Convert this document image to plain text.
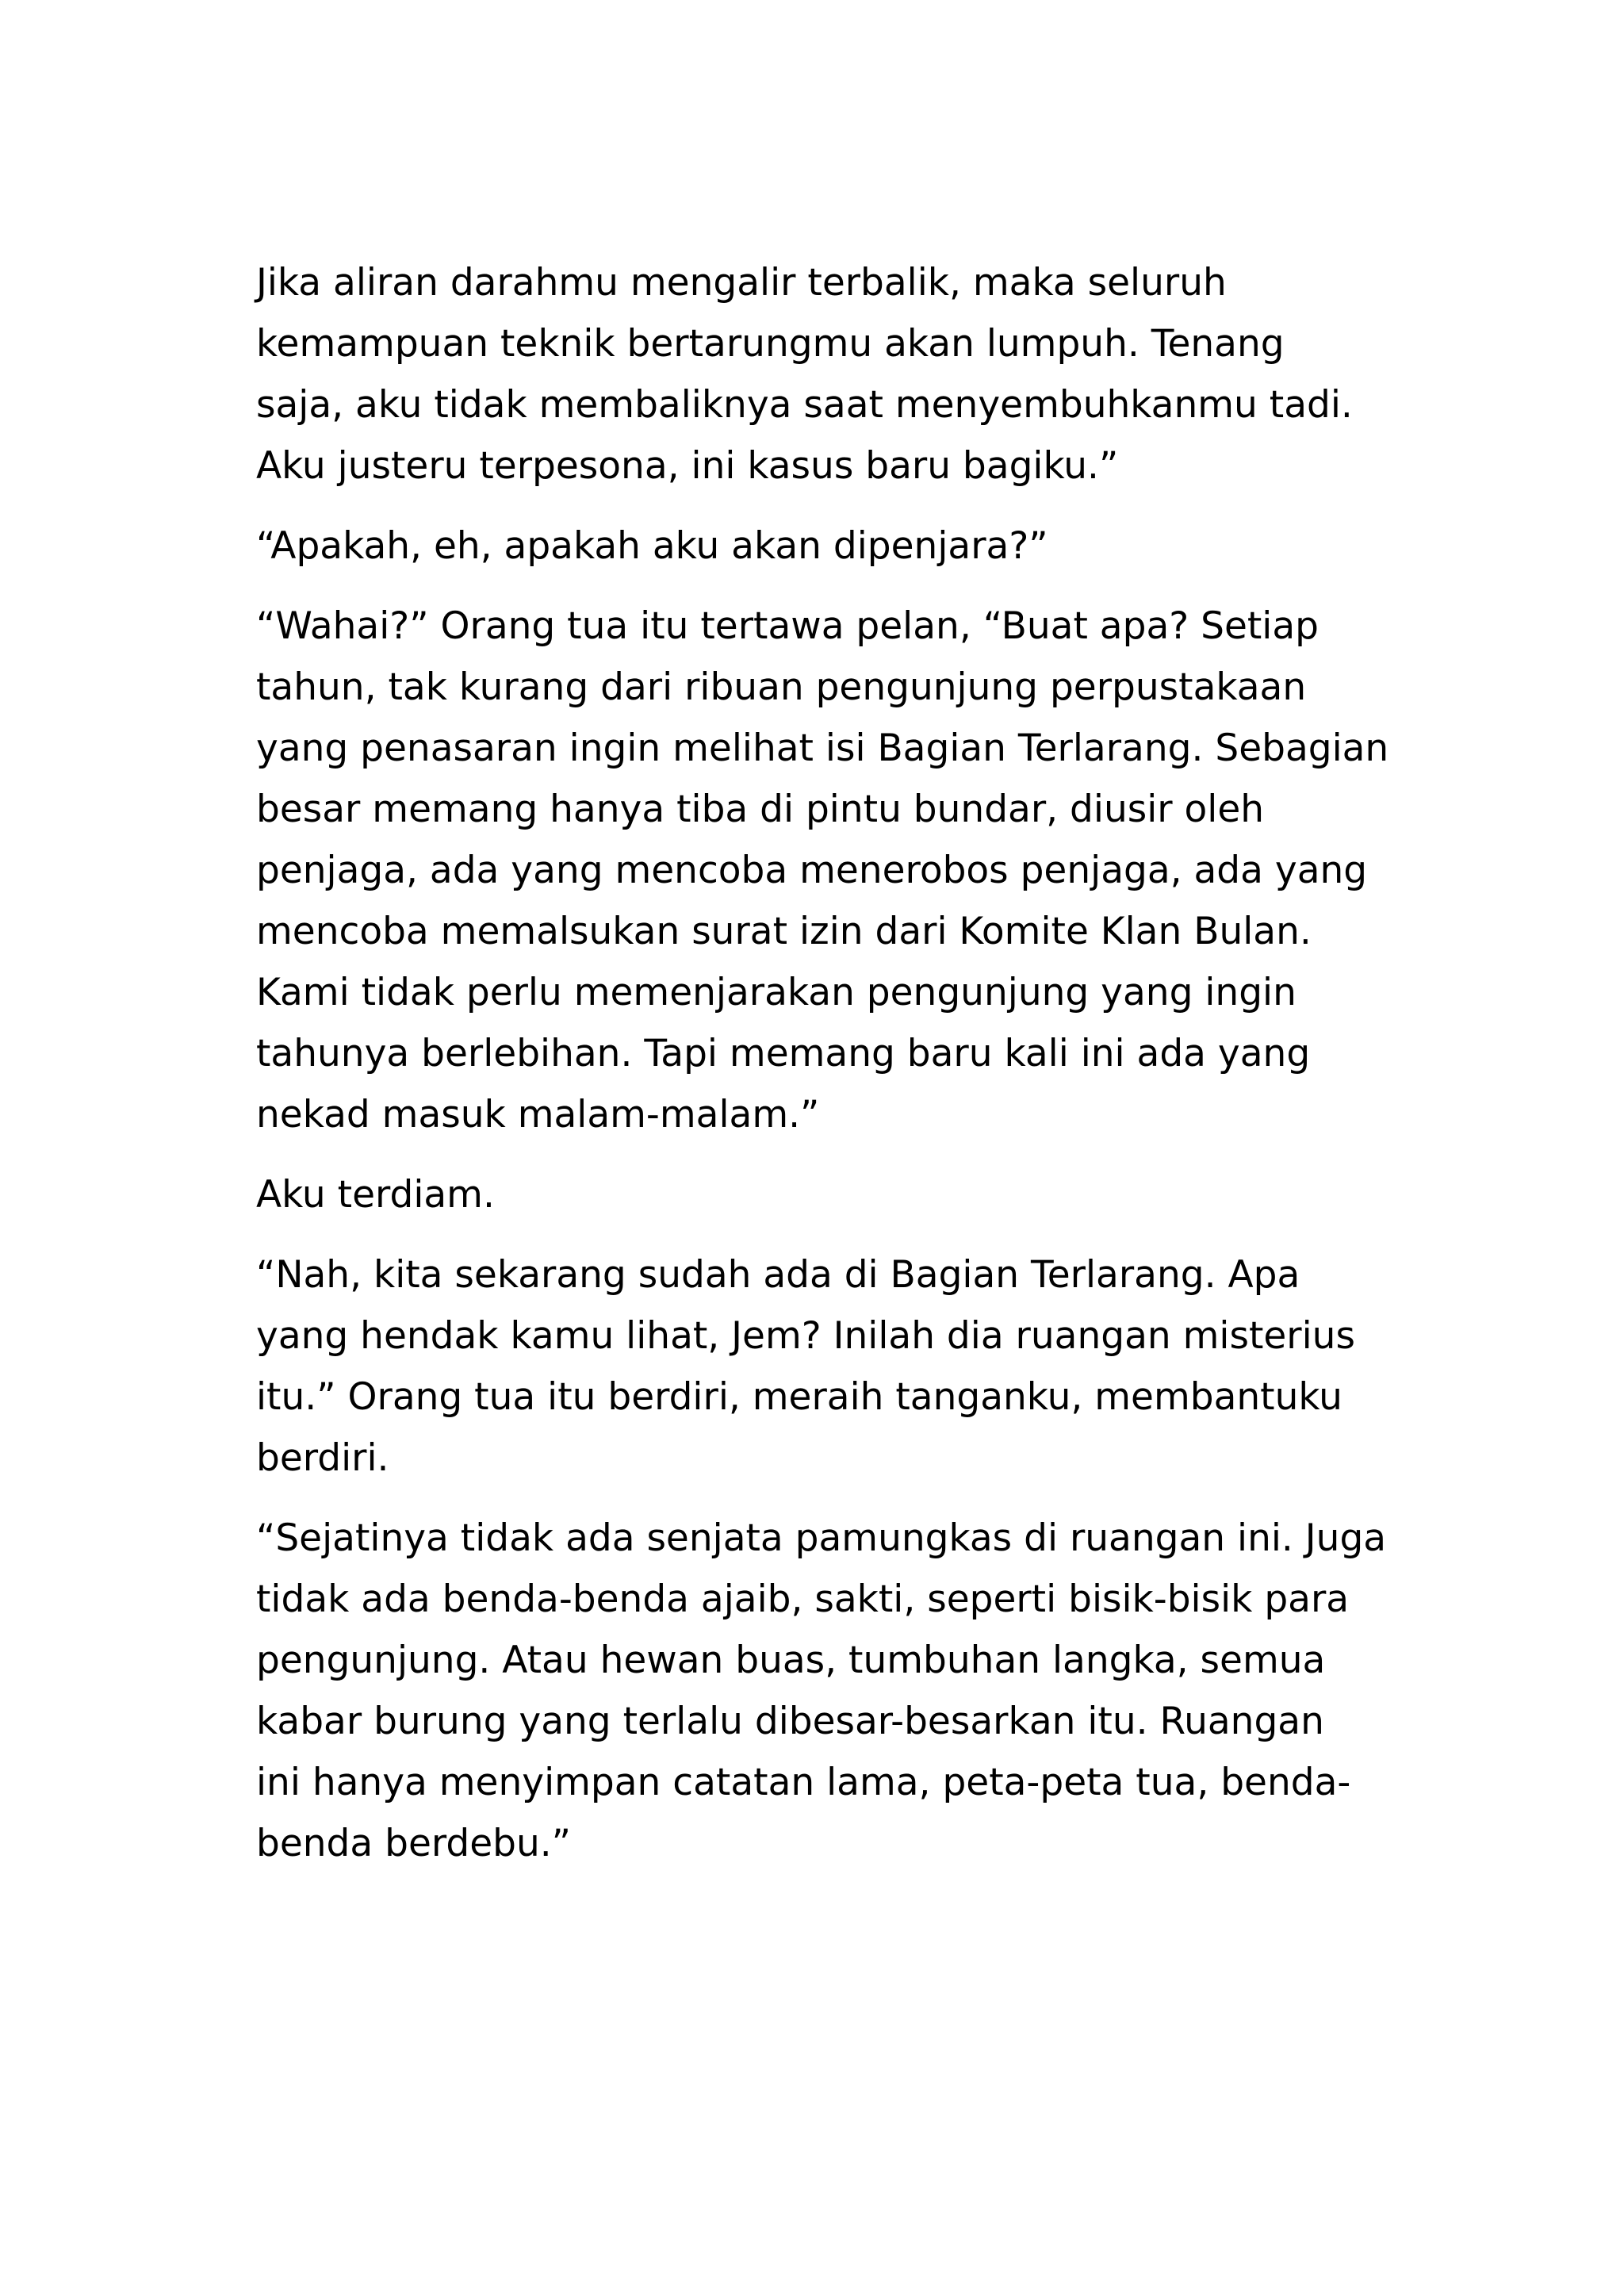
Jika aliran darahmu mengalir terbalik, maka seluruh
kemampuan teknik bertarungmu akan lumpuh. Tenang
saja, aku tidak membaliknya saat menyembuhkanmu tadi.
Aku justeru terpesona, ini kasus baru bagiku.”
“Apakah, eh, apakah aku akan dipenjara?”
“Wahai?” Orang tua itu tertawa pelan, “Buat apa? Setiap
tahun, tak kurang dari ribuan pengunjung perpustakaan
yang penasaran ingin melihat isi Bagian Terlarang. Sebagian
besar memang hanya tiba di pintu bundar, diusir oleh
penjaga, ada yang mencoba menerobos penjaga, ada yang
mencoba memalsukan surat izin dari Komite Klan Bulan.
Kami tidak perlu memenjarakan pengunjung yang ingin
tahunya berlebihan. Tapi memang baru kali ini ada yang
nekad masuk malam-malam.”
Aku terdiam.
“Nah, kita sekarang sudah ada di Bagian Terlarang. Apa
yang hendak kamu lihat, Jem? Inilah dia ruangan misterius
itu.” Orang tua itu berdiri, meraih tanganku, membantuku
berdiri.
“Sejatinya tidak ada senjata pamungkas di ruangan ini. Juga
tidak ada benda-benda ajaib, sakti, seperti bisik-bisik para
pengunjung. Atau hewan buas, tumbuhan langka, semua
kabar burung yang terlalu dibesar-besarkan itu. Ruangan
ini hanya menyimpan catatan lama, peta-peta tua, benda-
benda berdebu.”
